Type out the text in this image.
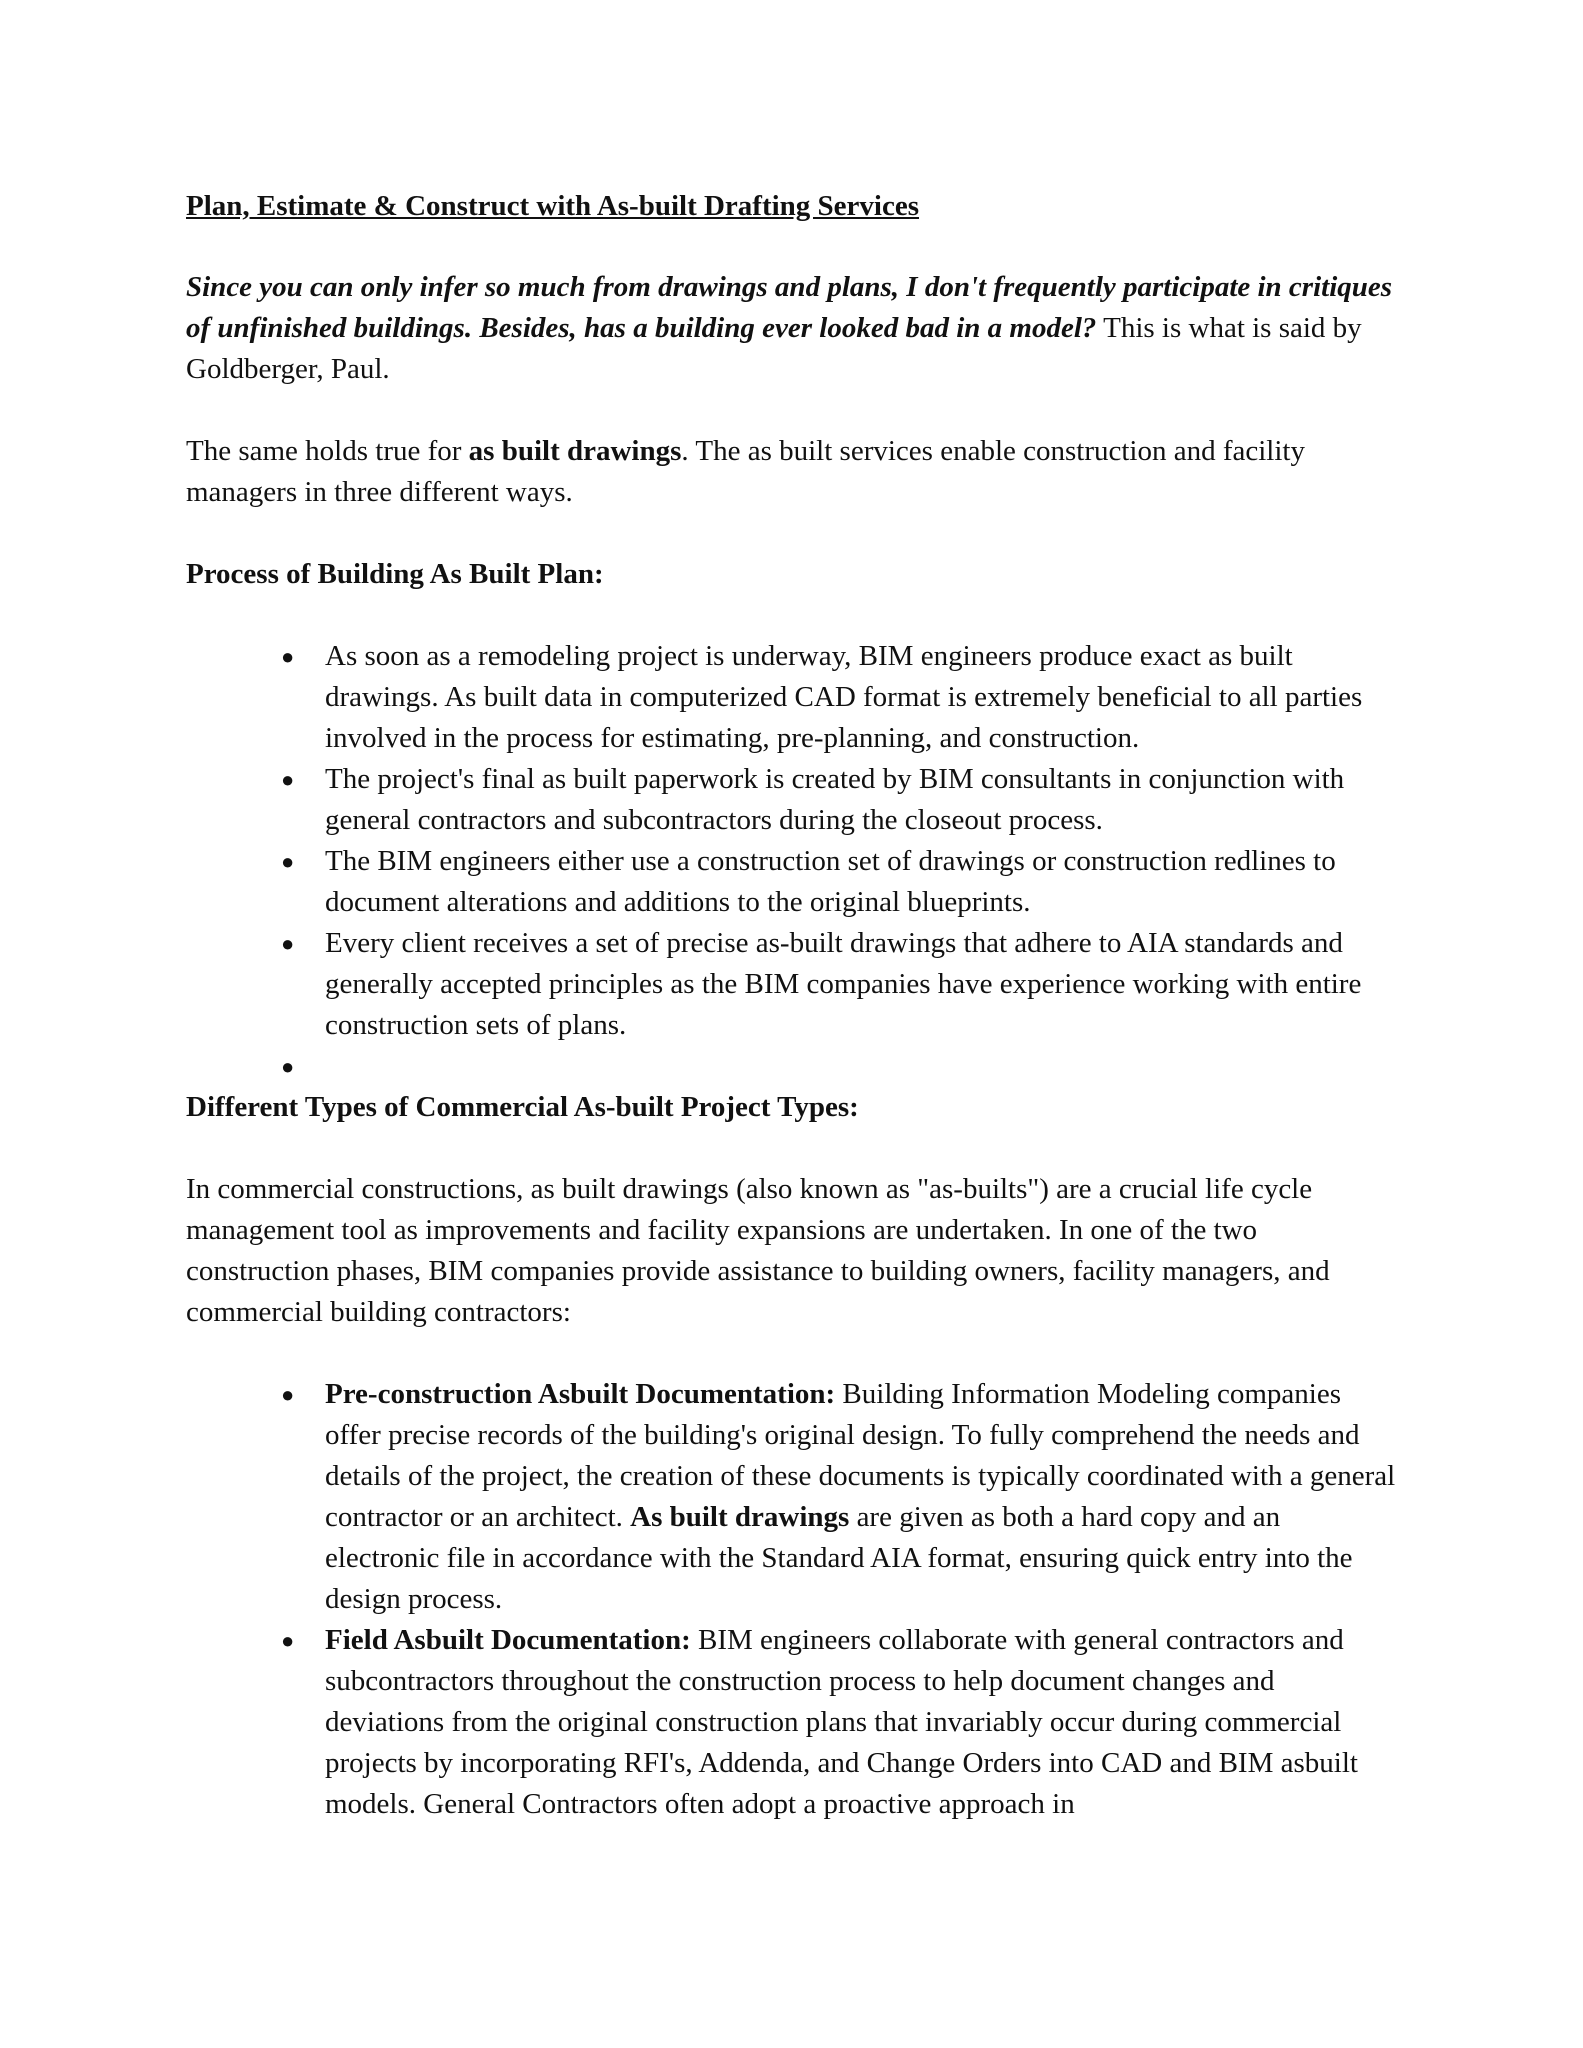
Plan, Estimate & Construct with As-built Drafting Services

Since you can only infer so much from drawings and plans, I don't frequently participate in critiques of unfinished buildings. Besides, has a building ever looked bad in a model? This is what is said by Goldberger, Paul.

The same holds true for as built drawings. The as built services enable construction and facility managers in three different ways.

Process of Building As Built Plan:
● As soon as a remodeling project is underway, BIM engineers produce exact as built drawings. As built data in computerized CAD format is extremely beneficial to all parties involved in the process for estimating, pre-planning, and construction.
● The project's final as built paperwork is created by BIM consultants in conjunction with general contractors and subcontractors during the closeout process.
● The BIM engineers either use a construction set of drawings or construction redlines to document alterations and additions to the original blueprints.
● Every client receives a set of precise as-built drawings that adhere to AIA standards and generally accepted principles as the BIM companies have experience working with entire construction sets of plans.
●
Different Types of Commercial As-built Project Types:

In commercial constructions, as built drawings (also known as "as-builts") are a crucial life cycle management tool as improvements and facility expansions are undertaken. In one of the two construction phases, BIM companies provide assistance to building owners, facility managers, and commercial building contractors:

● Pre-construction Asbuilt Documentation: Building Information Modeling companies offer precise records of the building's original design. To fully comprehend the needs and details of the project, the creation of these documents is typically coordinated with a general contractor or an architect. As built drawings are given as both a hard copy and an electronic file in accordance with the Standard AIA format, ensuring quick entry into the design process.
● Field Asbuilt Documentation: BIM engineers collaborate with general contractors and subcontractors throughout the construction process to help document changes and deviations from the original construction plans that invariably occur during commercial projects by incorporating RFI's, Addenda, and Change Orders into CAD and BIM asbuilt models. General Contractors often adopt a proactive approach in
